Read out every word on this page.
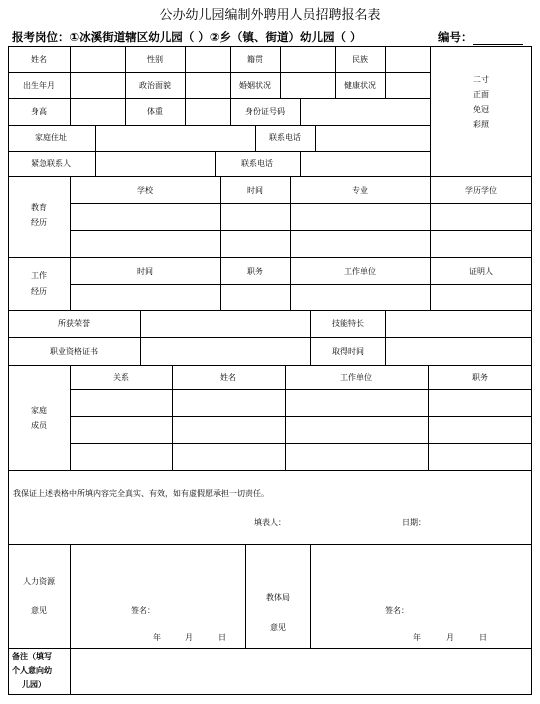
公办幼儿园编制外聘用人员招聘报名表
报考岗位：①冰溪街道辖区幼儿园（ ）②乡（镇、街道）幼儿园（ ）	编号：
姓名	性别	籍贯	民族
出生年月	政治面貌	婚姻状况	健康状况
身高	体重	身份证号码
家庭住址	联系电话
紧急联系人	联系电话
二寸
正面
免冠
彩照
教育
经历
学校	时间	专业	学历学位
工作
经历
时间	职务	工作单位	证明人
所获荣誉	技能特长
职业资格证书	取得时间
家庭
成员
关系	姓名	工作单位	职务
我保证上述表格中所填内容完全真实、有效，如有虚假愿承担一切责任。
填表人：	日期：
人力资源
意见	签名：
年	月	日
教体局
意见
签名：
年	月	日
备注（填写
个人意向幼
儿园）
